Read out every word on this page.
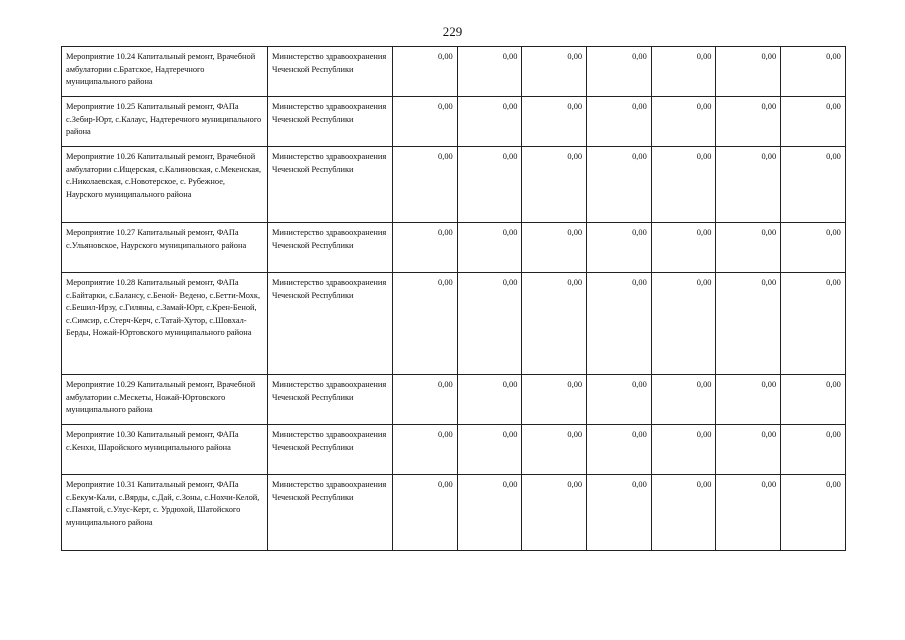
229
Мероприятие 10.24 Капитальный ремонт, Врачебной амбулатории с.Братское, Надтеречного муниципального района	Министерство здравоохранения Чеченской Республики	0,00	0,00	0,00	0,00	0,00	0,00	0,00
Мероприятие 10.25 Капитальный ремонт, ФАПа с.Зебир-Юрт, с.Калаус, Надтеречного муниципального района	Министерство здравоохранения Чеченской Республики	0,00	0,00	0,00	0,00	0,00	0,00	0,00
Мероприятие 10.26 Капитальный ремонт, Врачебной амбулатории с.Ищерская, с.Калиновская, с.Мекенская, с.Николаевская, с.Новотерское, с. Рубежное, Наурского муниципального района	Министерство здравоохранения Чеченской Республики	0,00	0,00	0,00	0,00	0,00	0,00	0,00
Мероприятие 10.27 Капитальный ремонт, ФАПа с.Ульяновское, Наурского муниципального района	Министерство здравоохранения Чеченской Республики	0,00	0,00	0,00	0,00	0,00	0,00	0,00
Мероприятие 10.28 Капитальный ремонт, ФАПа с.Байтарки, с.Балансу, с.Беной- Ведено, с.Бетти-Мохк, с.Бешил-Ирзу, с.Гиляны, с.Замай-Юрт, с.Крен-Беной, с.Симсир, с.Стерч-Керч, с.Татай-Хутор, с.Шовхал-Берды, Ножай-Юртовского муниципального района	Министерство здравоохранения Чеченской Республики	0,00	0,00	0,00	0,00	0,00	0,00	0,00
Мероприятие 10.29 Капитальный ремонт, Врачебной амбулатории с.Мескеты, Ножай-Юртовского муниципального района	Министерство здравоохранения Чеченской Республики	0,00	0,00	0,00	0,00	0,00	0,00	0,00
Мероприятие 10.30 Капитальный ремонт, ФАПа с.Кенхи, Шаройского муниципального района	Министерство здравоохранения Чеченской Республики	0,00	0,00	0,00	0,00	0,00	0,00	0,00
Мероприятие 10.31 Капитальный ремонт, ФАПа с.Бекум-Кали, с.Вярды, с.Дай, с.Зоны, с.Нохчи-Келой, с.Памятой, с.Улус-Керт, с. Урдюхой, Шатойского муниципального района	Министерство здравоохранения Чеченской Республики	0,00	0,00	0,00	0,00	0,00	0,00	0,00
